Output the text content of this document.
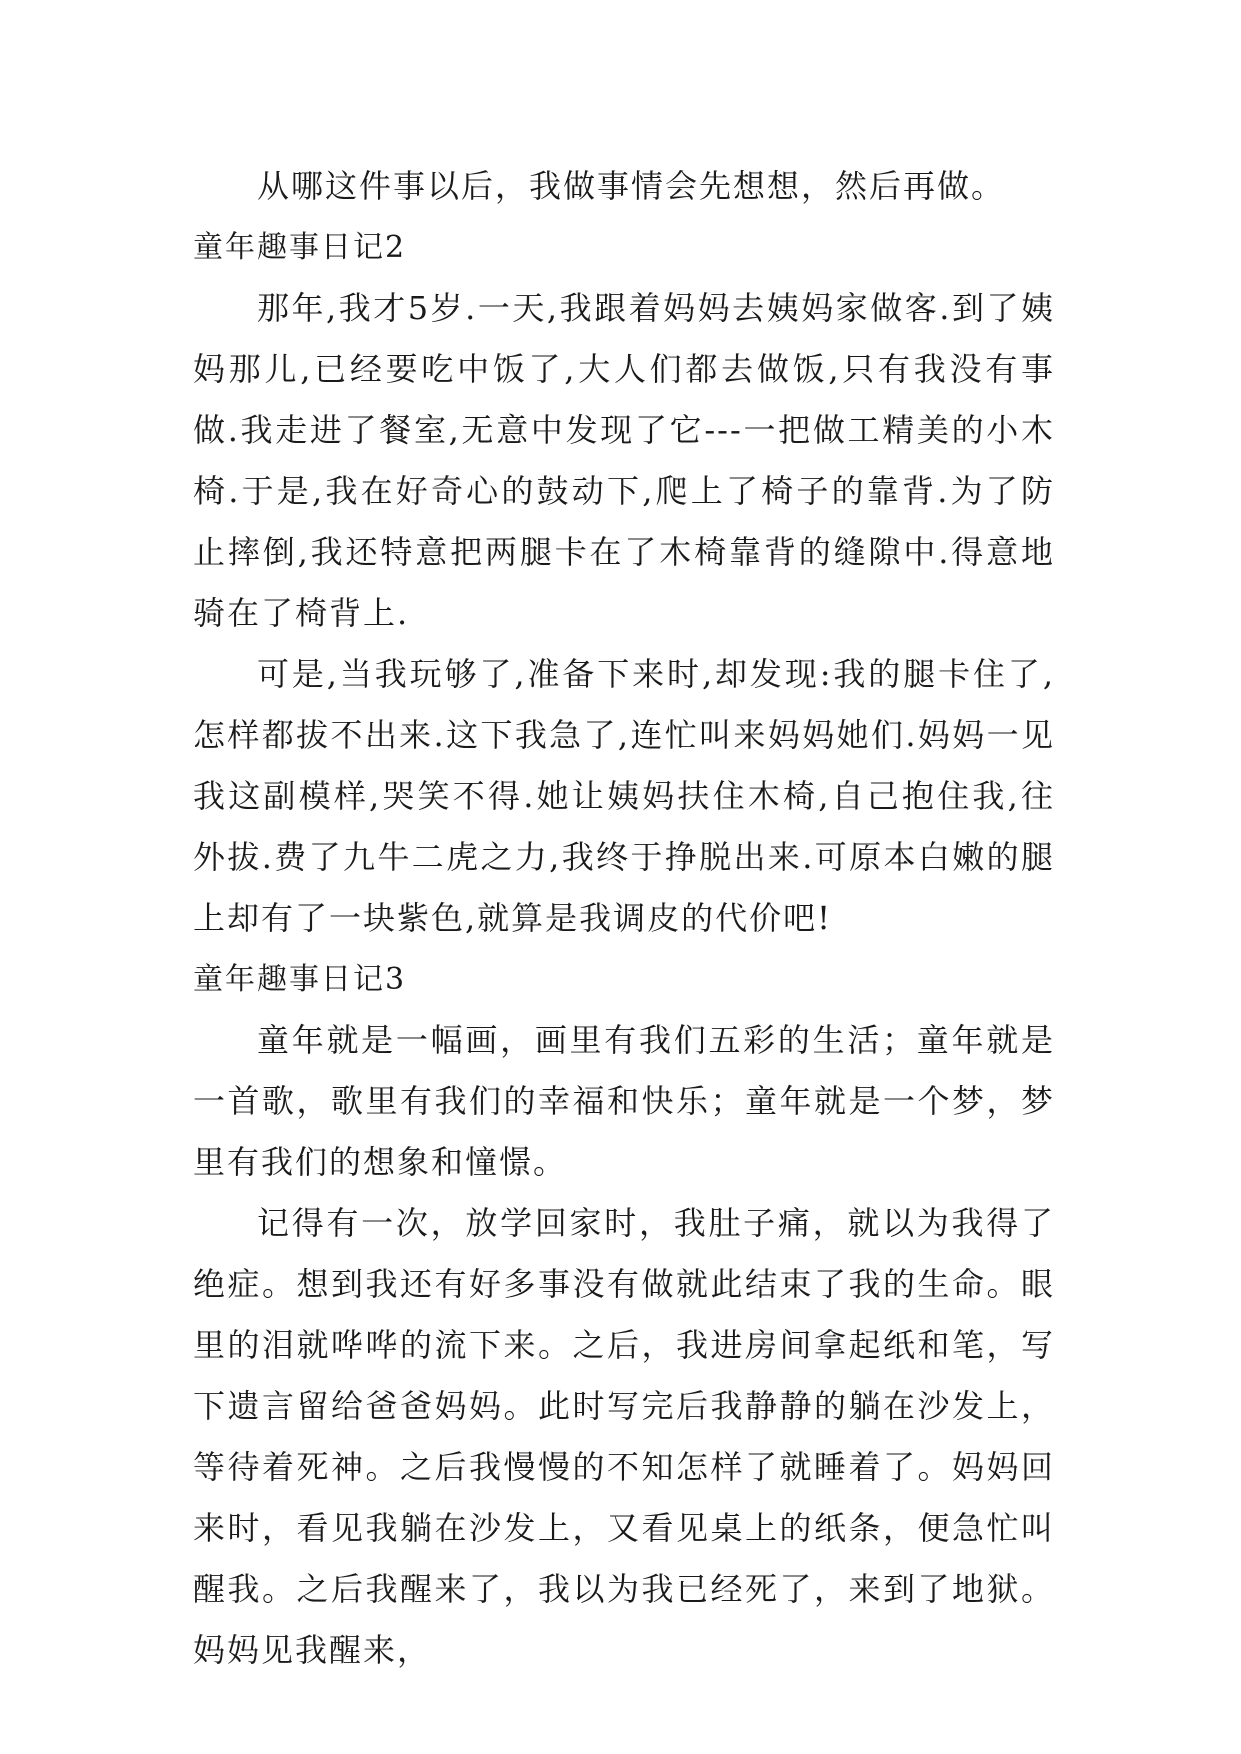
从哪这件事以后，我做事情会先想想，然后再做。

童年趣事日记2

那年,我才5岁.一天,我跟着妈妈去姨妈家做客.到了姨妈那儿,已经要吃中饭了,大人们都去做饭,只有我没有事做.我走进了餐室,无意中发现了它---一把做工精美的小木椅.于是,我在好奇心的鼓动下,爬上了椅子的靠背.为了防止摔倒,我还特意把两腿卡在了木椅靠背的缝隙中.得意地骑在了椅背上.

可是,当我玩够了,准备下来时,却发现:我的腿卡住了,怎样都拔不出来.这下我急了,连忙叫来妈妈她们.妈妈一见我这副模样,哭笑不得.她让姨妈扶住木椅,自己抱住我,往外拔.费了九牛二虎之力,我终于挣脱出来.可原本白嫩的腿上却有了一块紫色,就算是我调皮的代价吧!

童年趣事日记3

童年就是一幅画，画里有我们五彩的生活；童年就是一首歌，歌里有我们的幸福和快乐；童年就是一个梦，梦里有我们的想象和憧憬。

记得有一次，放学回家时，我肚子痛，就以为我得了绝症。想到我还有好多事没有做就此结束了我的生命。眼里的泪就哗哗的流下来。之后，我进房间拿起纸和笔，写下遗言留给爸爸妈妈。此时写完后我静静的躺在沙发上，等待着死神。之后我慢慢的不知怎样了就睡着了。妈妈回来时，看见我躺在沙发上，又看见桌上的纸条，便急忙叫醒我。之后我醒来了，我以为我已经死了，来到了地狱。妈妈见我醒来，
